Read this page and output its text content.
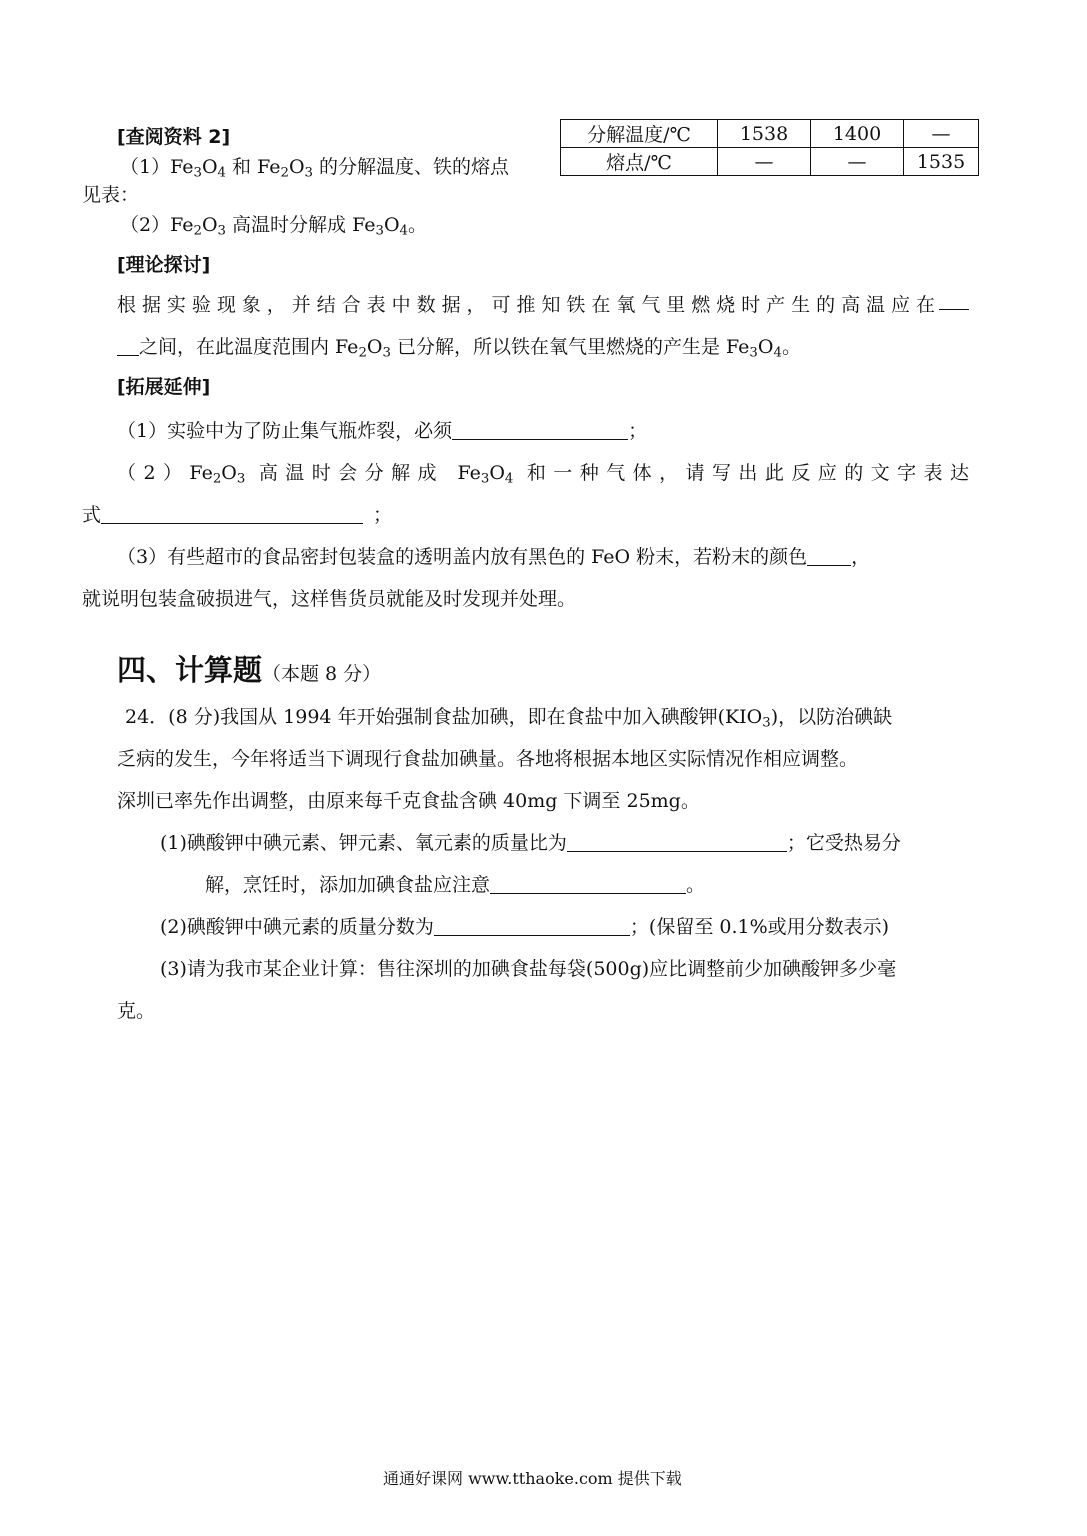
[查阅资料 2]
$(1)Fe_3O_4$ 和 $Fe_2O_3$ 的分解温度、铁的熔点
见表：
$(2)Fe_2O_3$ 高温时分解成 $Fe_3O_4$。
分解温度/℃	1538	1400	—
熔点/℃	—	—	1535
[理论探讨]
根据实验现象，并结合表中数据，可推知铁在氧气里燃烧时产生的高温应在
之间，在此温度范围内 $Fe_2O_3$ 已分解，所以铁在氧气里燃烧的产生是 $Fe_3O_4$。
[拓展延伸]
（1）实验中为了防止集气瓶炸裂，必须	；
$(2)Fe_2O_3$ 高温时会分解成 $Fe_3O_4$ 和一种气体，请写出此反应的文字表达
式	；
（3）有些超市的食品密封包装盒的透明盖内放有黑色的 FeO 粉末，若粉末的颜色 ，
就说明包装盒破损进气，这样售货员就能及时发现并处理。
四、计算题（本题 8 分）
24．(8 分)我国从 1994 年开始强制食盐加碘，即在食盐中加入碘酸钾$(KIO_3)$，以防治碘缺
乏病的发生，今年将适当下调现行食盐加碘量。各地将根据本地区实际情况作相应调整。
深圳已率先作出调整，由原来每千克食盐含碘 40mg 下调至 25mg。
(1)碘酸钾中碘元素、钾元素、氧元素的质量比为	；它受热易分
解，烹饪时，添加加碘食盐应注意	。
(2)碘酸钾中碘元素的质量分数为	；(保留至 0.1%或用分数表示)
(3)请为我市某企业计算：售往深圳的加碘食盐每袋(500g)应比调整前少加碘酸钾多少毫
克。
通通好课网 www.tthaoke.com 提供下载
